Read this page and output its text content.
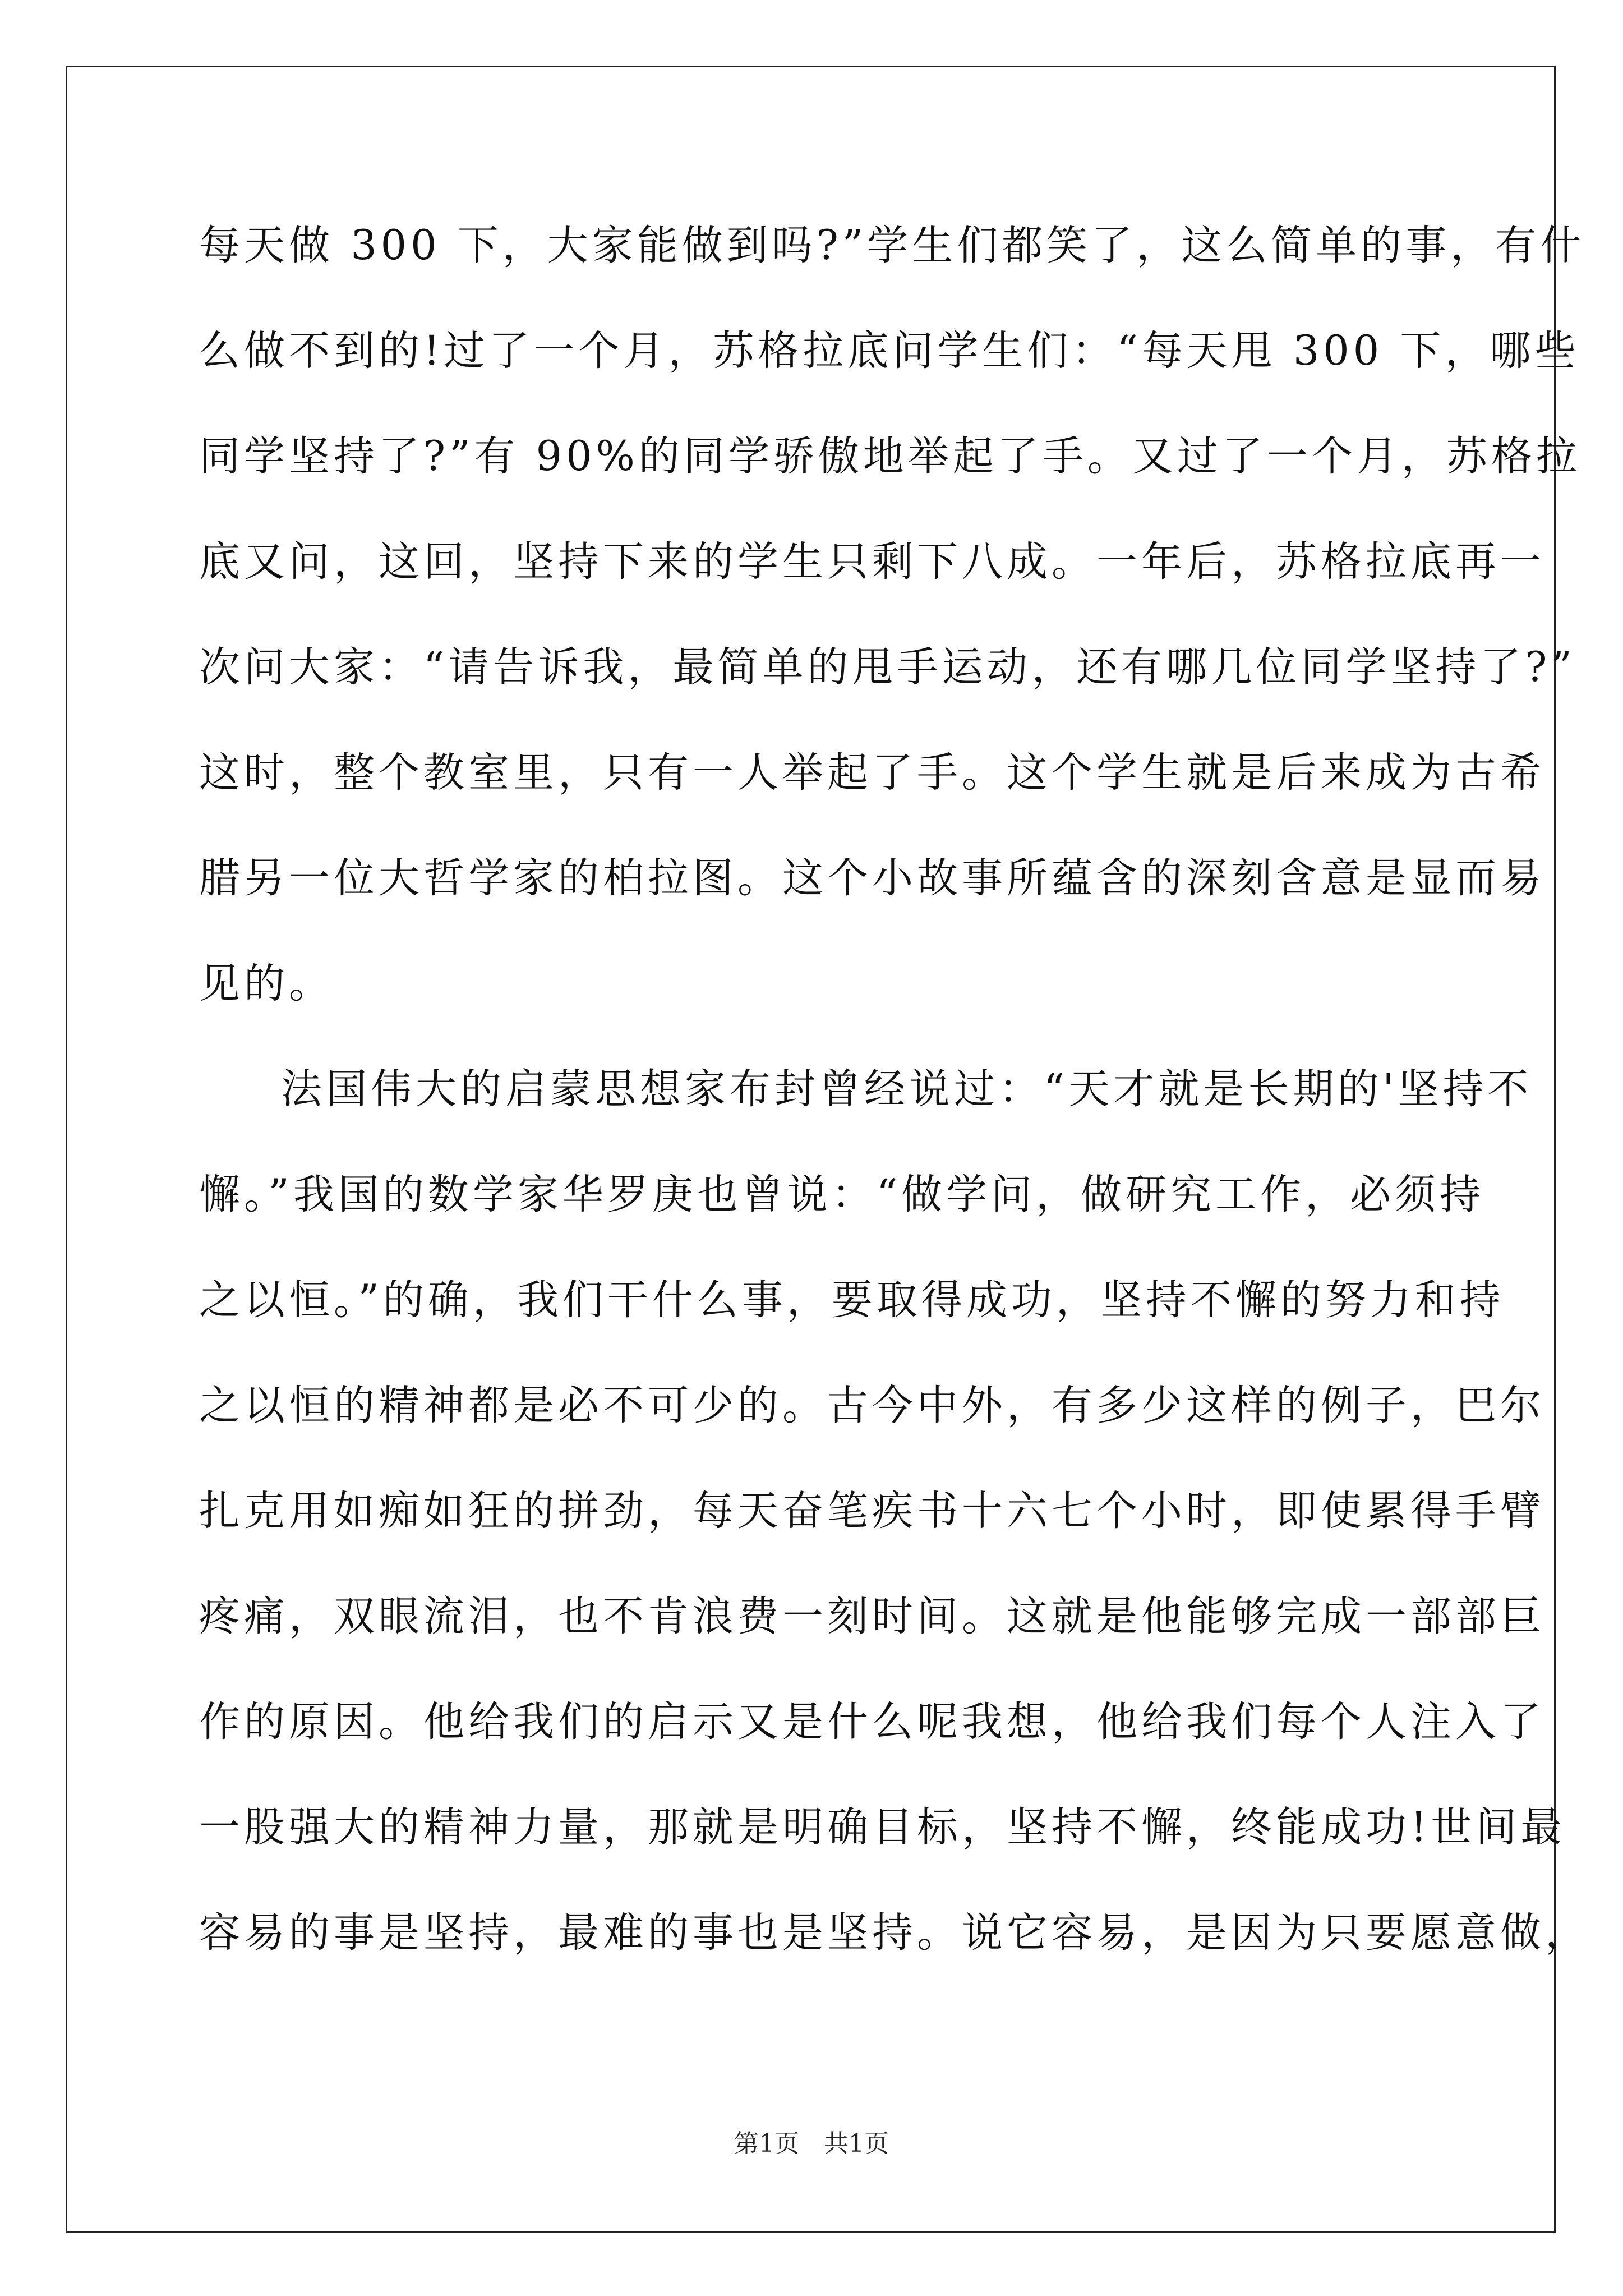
每天做 300 下，大家能做到吗?”学生们都笑了，这么简单的事，有什
么做不到的!过了一个月，苏格拉底问学生们：“每天甩 300 下，哪些
同学坚持了?”有 90%的同学骄傲地举起了手。又过了一个月，苏格拉
底又问，这回，坚持下来的学生只剩下八成。一年后，苏格拉底再一
次问大家：“请告诉我，最简单的甩手运动，还有哪几位同学坚持了?”
这时，整个教室里，只有一人举起了手。这个学生就是后来成为古希
腊另一位大哲学家的柏拉图。这个小故事所蕴含的深刻含意是显而易
见的。
法国伟大的启蒙思想家布封曾经说过：“天才就是长期的'坚持不
懈。”我国的数学家华罗庚也曾说：“做学问，做研究工作，必须持
之以恒。”的确，我们干什么事，要取得成功，坚持不懈的努力和持
之以恒的精神都是必不可少的。古今中外，有多少这样的例子，巴尔
扎克用如痴如狂的拼劲，每天奋笔疾书十六七个小时，即使累得手臂
疼痛，双眼流泪，也不肯浪费一刻时间。这就是他能够完成一部部巨
作的原因。他给我们的启示又是什么呢我想，他给我们每个人注入了
一股强大的精神力量，那就是明确目标，坚持不懈，终能成功!世间最
容易的事是坚持，最难的事也是坚持。说它容易，是因为只要愿意做，
第1页 共1页
